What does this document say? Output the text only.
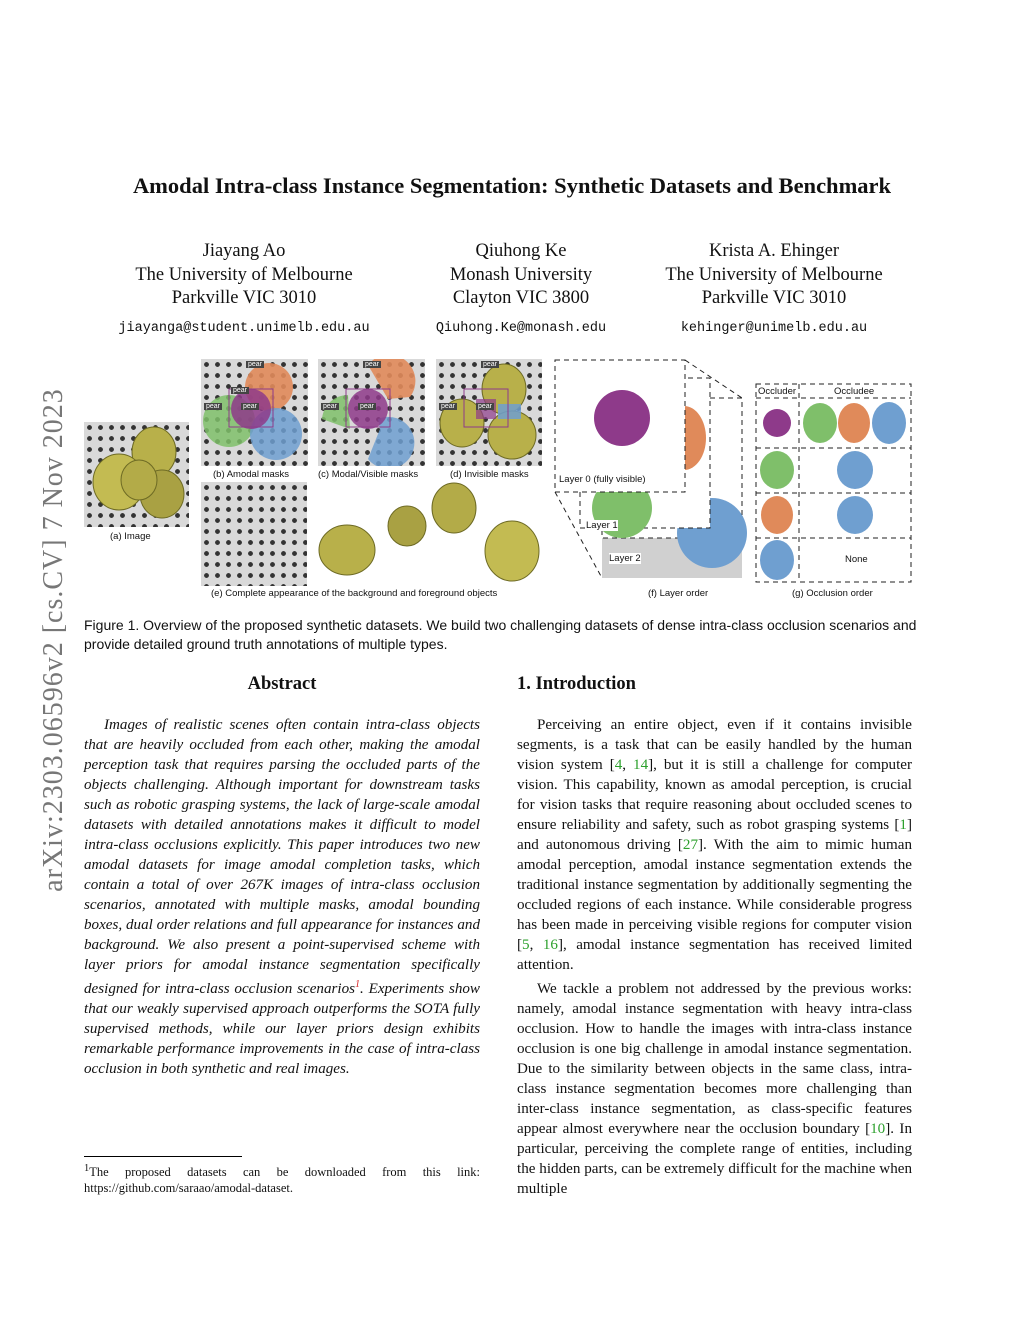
arXiv:2303.06596v2 [cs.CV] 7 Nov 2023
Amodal Intra-class Instance Segmentation: Synthetic Datasets and Benchmark
Jiayang Ao
The University of Melbourne
Parkville VIC 3010
jiayanga@student.unimelb.edu.au
Qiuhong Ke
Monash University
Clayton VIC 3800
Qiuhong.Ke@monash.edu
Krista A. Ehinger
The University of Melbourne
Parkville VIC 3010
kehinger@unimelb.edu.au
(a) Image
pear
pear
pear	pear
(b) Amodal masks
pear
pear	pear
(c) Modal/Visible masks
pear
pear	pear
(d) Invisible masks
(e) Complete appearance of the background and foreground objects
Layer 0 (fully visible)
Layer 1
Layer 2
(f) Layer order
Occluder	Occludee
None
(g) Occlusion order
Figure 1. Overview of the proposed synthetic datasets. We build two challenging datasets of dense intra-class occlusion scenarios and provide detailed ground truth annotations of multiple types.
Abstract

Images of realistic scenes often contain intra-class objects that are heavily occluded from each other, making the amodal perception task that requires parsing the occluded parts of the objects challenging. Although important for downstream tasks such as robotic grasping systems, the lack of large-scale amodal datasets with detailed annotations makes it difficult to model intra-class occlusions explicitly. This paper introduces two new amodal datasets for image amodal completion tasks, which contain a total of over 267K images of intra-class occlusion scenarios, annotated with multiple masks, amodal bounding boxes, dual order relations and full appearance for instances and background. We also present a point-supervised scheme with layer priors for amodal instance segmentation specifically designed for intra-class occlusion scenarios$^1$. Experiments show that our weakly supervised approach outperforms the SOTA fully supervised methods, while our layer priors design exhibits remarkable performance improvements in the case of intra-class occlusion in both synthetic and real images.

$^1$The proposed datasets can be downloaded from this link: https://github.com/saraao/amodal-dataset.
1. Introduction

Perceiving an entire object, even if it contains invisible segments, is a task that can be easily handled by the human vision system [4, 14], but it is still a challenge for computer vision. This capability, known as amodal perception, is crucial for vision tasks that require reasoning about occluded scenes to ensure reliability and safety, such as robot grasping systems [1] and autonomous driving [27]. With the aim to mimic human amodal perception, amodal instance segmentation extends the traditional instance segmentation by additionally segmenting the occluded regions of each instance. While considerable progress has been made in perceiving visible regions for computer vision [5, 16], amodal instance segmentation has received limited attention.

We tackle a problem not addressed by the previous works: namely, amodal instance segmentation with heavy intra-class occlusion. How to handle the images with intra-class instance occlusion is one big challenge in amodal instance segmentation. Due to the similarity between objects in the same class, intra-class instance segmentation becomes more challenging than inter-class instance segmentation, as class-specific features appear almost everywhere near the occlusion boundary [10]. In particular, perceiving the complete range of entities, including the hidden parts, can be extremely difficult for the machine when multiple
